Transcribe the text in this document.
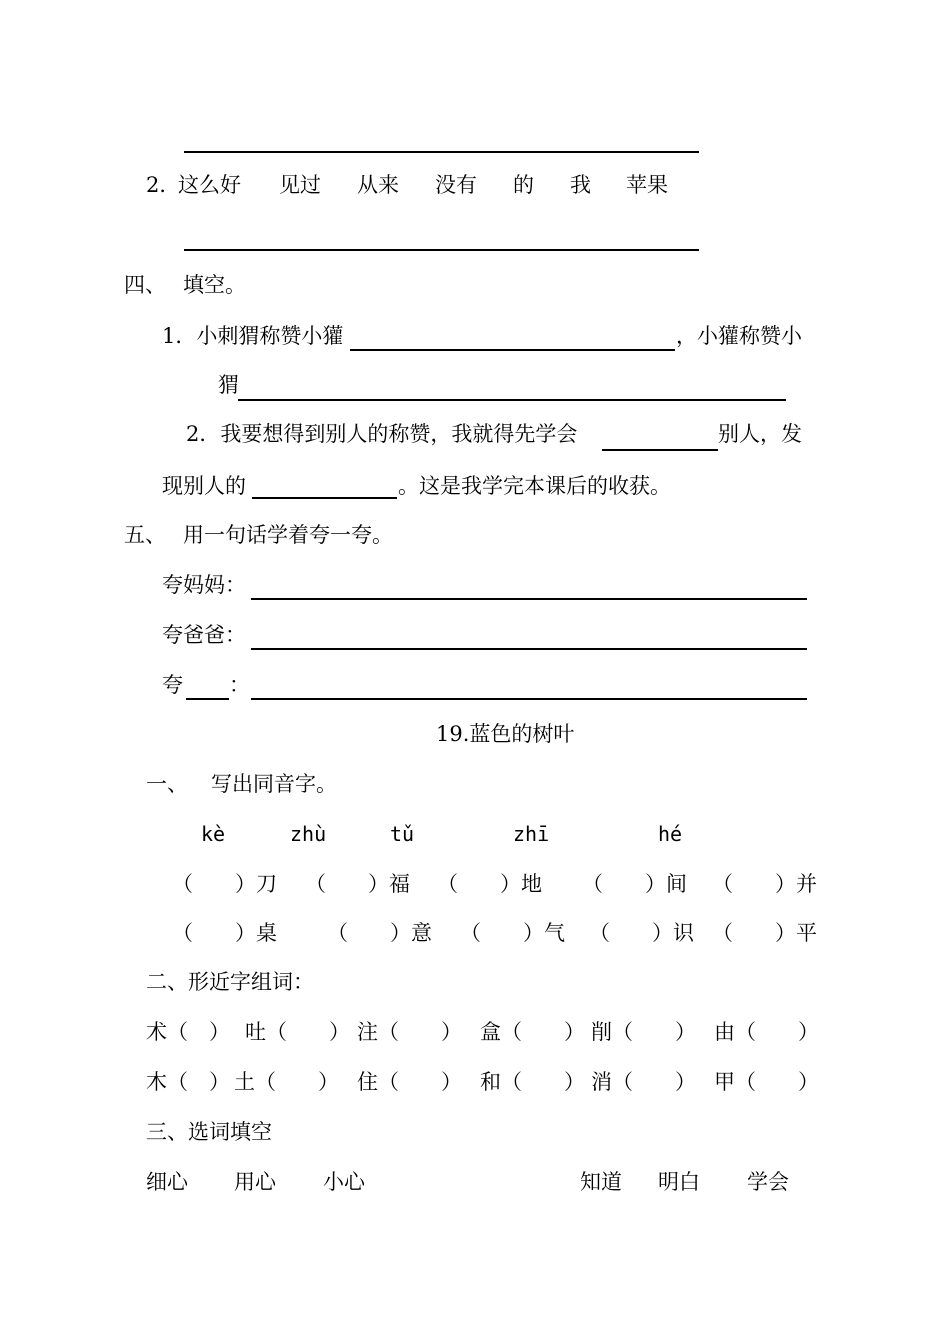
2．
这么好 见过 从来 没有 的 我 苹果
四、 填空。
1．小刺猬称赞小獾	，小獾称赞小
猬
2．我要想得到别人的称赞，我就得先学会	别人，发
现别人的	。这是我学完本课后的收获。
五、 用一句话学着夸一夸。
夸妈妈：
夸爸爸：
夸 ：
19.蓝色的树叶
一、 写出同音字。
kè	zhù	tǔ	zhī	hé
（　　）刀 （　　）福 （　　）地 （　　）间 （　　）并
（　　）桌 （　　）意 （　　）气 （　　）识 （　　）平
二、形近字组词：
术（　） 吐（　　） 注（　　） 盒（　　） 削（　　） 由（　　）
木（　） 土（　　） 住（　　） 和（　　） 消（　　） 甲（　　）
三、选词填空
细心 用心 小心	知道 明白 学会
